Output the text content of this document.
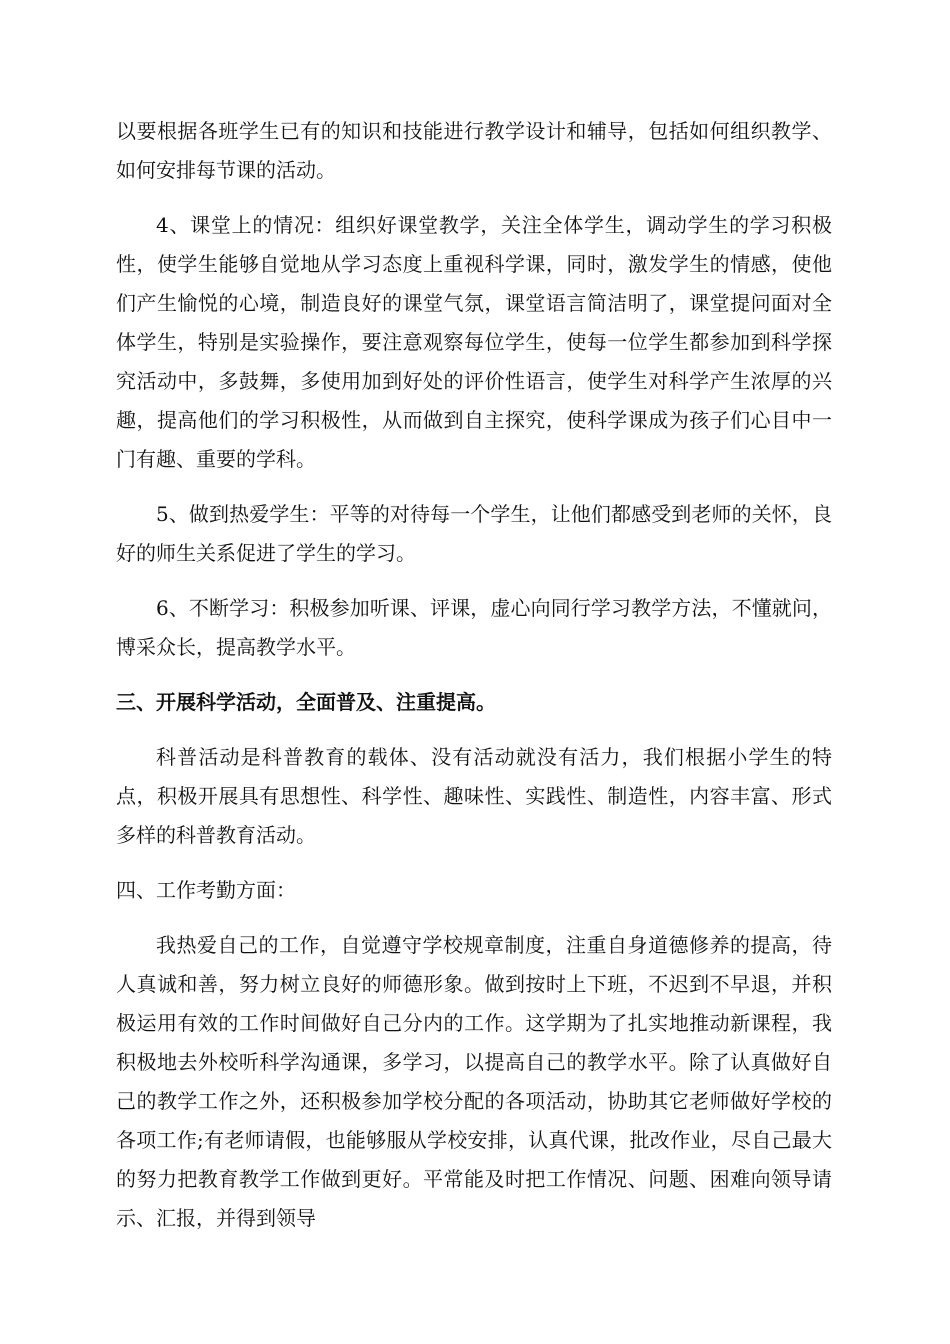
以要根据各班学生已有的知识和技能进行教学设计和辅导，包括如何组织教学、如何安排每节课的活动。

4、课堂上的情况：组织好课堂教学，关注全体学生，调动学生的学习积极性，使学生能够自觉地从学习态度上重视科学课，同时，激发学生的情感，使他们产生愉悦的心境，制造良好的课堂气氛，课堂语言简洁明了，课堂提问面对全体学生，特别是实验操作，要注意观察每位学生，使每一位学生都参加到科学探究活动中，多鼓舞，多使用加到好处的评价性语言，使学生对科学产生浓厚的兴趣，提高他们的学习积极性，从而做到自主探究，使科学课成为孩子们心目中一门有趣、重要的学科。

5、做到热爱学生：平等的对待每一个学生，让他们都感受到老师的关怀，良好的师生关系促进了学生的学习。

6、不断学习：积极参加听课、评课，虚心向同行学习教学方法，不懂就问，博采众长，提高教学水平。

三、开展科学活动，全面普及、注重提高。

科普活动是科普教育的载体、没有活动就没有活力，我们根据小学生的特点，积极开展具有思想性、科学性、趣味性、实践性、制造性，内容丰富、形式多样的科普教育活动。

四、工作考勤方面：

我热爱自己的工作，自觉遵守学校规章制度，注重自身道德修养的提高，待人真诚和善，努力树立良好的师德形象。做到按时上下班，不迟到不早退，并积极运用有效的工作时间做好自己分内的工作。这学期为了扎实地推动新课程，我积极地去外校听科学沟通课，多学习，以提高自己的教学水平。除了认真做好自己的教学工作之外，还积极参加学校分配的各项活动，协助其它老师做好学校的各项工作;有老师请假，也能够服从学校安排，认真代课，批改作业，尽自己最大的努力把教育教学工作做到更好。平常能及时把工作情况、问题、困难向领导请示、汇报，并得到领导
